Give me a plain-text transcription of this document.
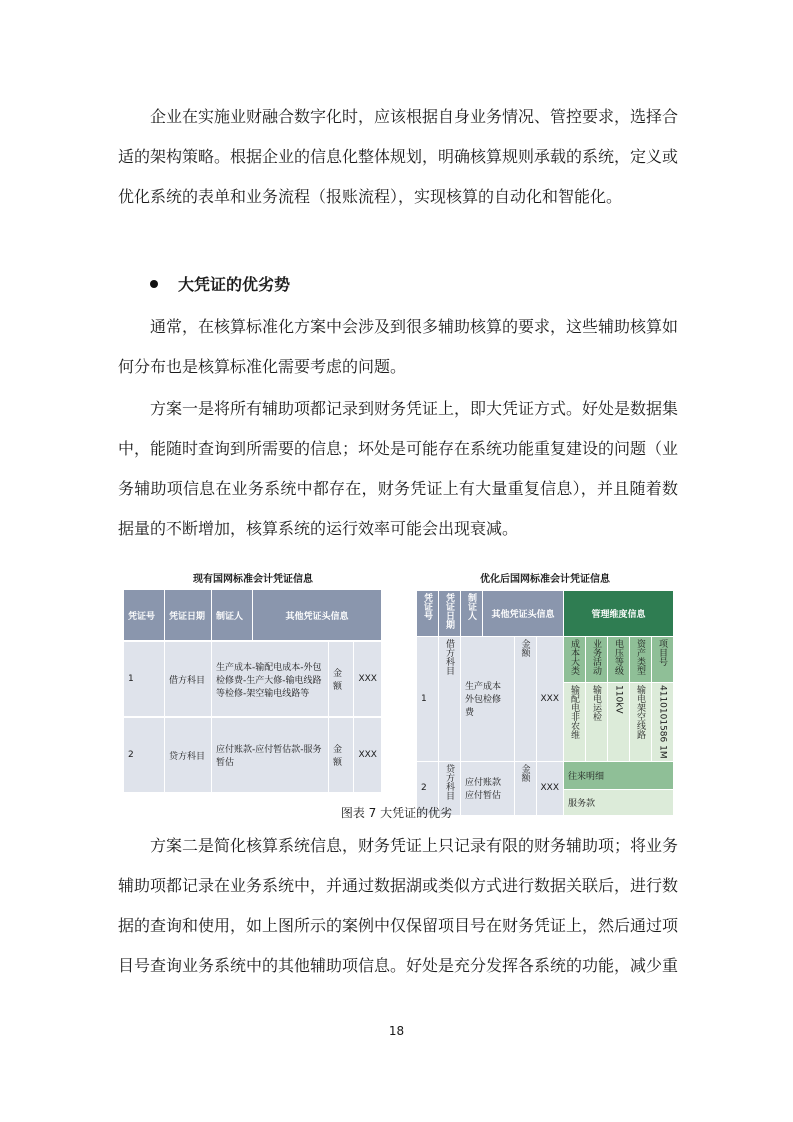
企业在实施业财融合数字化时，应该根据自身业务情况、管控要求，选择合适的架构策略。根据企业的信息化整体规划，明确核算规则承载的系统，定义或优化系统的表单和业务流程（报账流程），实现核算的自动化和智能化。
大凭证的优劣势
通常，在核算标准化方案中会涉及到很多辅助核算的要求，这些辅助核算如何分布也是核算标准化需要考虑的问题。
方案一是将所有辅助项都记录到财务凭证上，即大凭证方式。好处是数据集中，能随时查询到所需要的信息；坏处是可能存在系统功能重复建设的问题（业务辅助项信息在业务系统中都存在，财务凭证上有大量重复信息），并且随着数据量的不断增加，核算系统的运行效率可能会出现衰减。
现有国网标准会计凭证信息
凭证号	凭证日期	制证人	其他凭证头信息		
1	借方科目	生产成本-输配电成本-外包检修费-生产大修-输电线路等检修-架空输电线路等		金额	XXX
2	贷方科目	应付账款-应付暂估款-服务暂估		金额	XXX
优化后国网标准会计凭证信息
凭证号	凭证日期	制证人	其他凭证头信息			管理维度信息				
1	借方科目	生产成本外包检修费		金额	XXX	成本大类	业务活动	电压等级	资产类型	项目号
						输配电非农维	输电运检	110kV	输电架空线路	4110101586 1M
2	贷方科目	应付账款应付暂估		金额	XXX	往来明细				
						服务款				
图表 7 大凭证的优劣
方案二是简化核算系统信息，财务凭证上只记录有限的财务辅助项；将业务辅助项都记录在业务系统中，并通过数据湖或类似方式进行数据关联后，进行数据的查询和使用，如上图所示的案例中仅保留项目号在财务凭证上，然后通过项目号查询业务系统中的其他辅助项信息。好处是充分发挥各系统的功能，减少重
18
